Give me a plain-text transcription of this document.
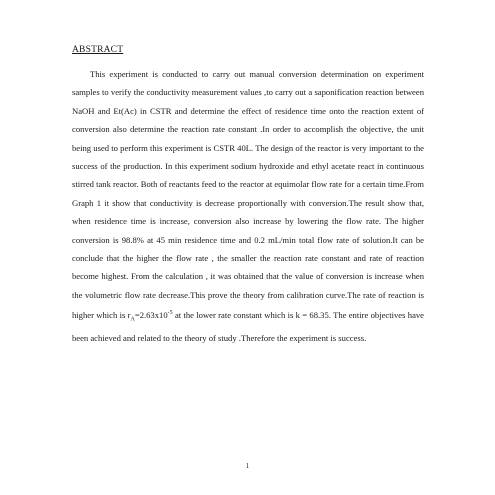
ABSTRACT

This experiment is conducted to carry out manual conversion determination on experiment samples to verify the conductivity measurement values ,to carry out a saponification reaction between NaOH and Et(Ac) in CSTR and determine the effect of residence time onto the reaction extent of conversion also determine the reaction rate constant .In order to accomplish the objective, the unit being used to perform this experiment is CSTR 40L. The design of the reactor is very important to the success of the production. In this experiment sodium hydroxide and ethyl acetate react in continuous stirred tank reactor. Both of reactants feed to the reactor at equimolar flow rate for a certain time.From Graph 1 it show that conductivity is decrease proportionally with conversion.The result show that, when residence time is increase, conversion also increase by lowering the flow rate. The higher conversion is 98.8% at 45 min residence time and 0.2 mL/min total flow rate of solution.It can be conclude that the higher the flow rate , the smaller the reaction rate constant and rate of reaction become highest. From the calculation , it was obtained that the value of conversion is increase when the volumetric flow rate decrease.This prove the theory from calibration curve.The rate of reaction is higher which is $r_A=2.63x10^{-5}$ at the lower rate constant which is k = 68.35. The entire objectives have been achieved and related to the theory of study .Therefore the experiment is success.

1
